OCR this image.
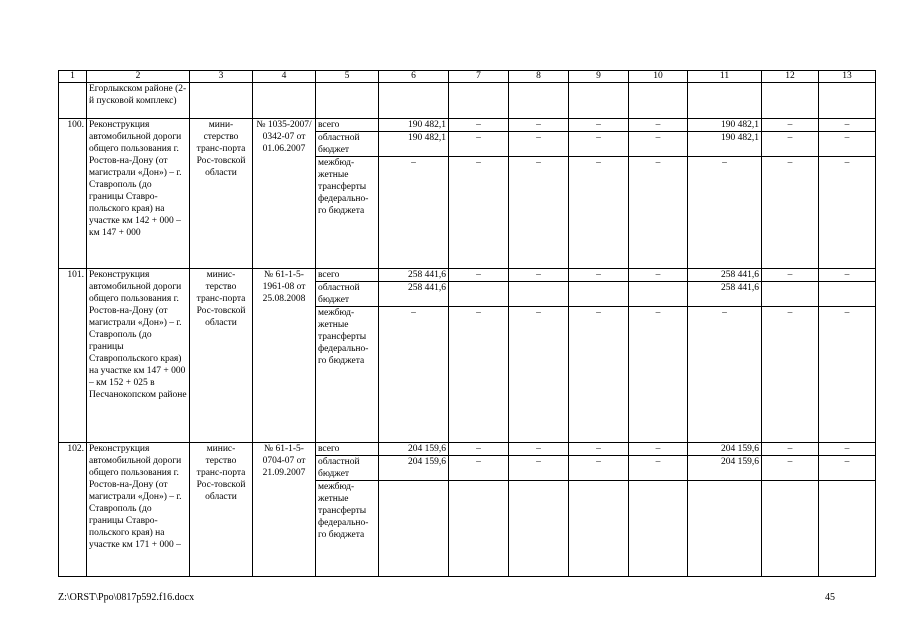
1	2	3	4	5	6	7	8	9	10	11	12	13
	Егорлыкском районе (2-й пусковой комплекс)											
100.	Реконструкция автомобильной дороги общего пользования г. Ростов-на-Дону (от магистрали «Дон») – г. Ставрополь (до границы Ставро-польского края) на участке км 142 + 000 – км 147 + 000	мини-стерство транс-порта Рос-товской области	№ 1035-2007/ 0342-07 от 01.06.2007	всего	190 482,1	–	–	–	–	190 482,1	–	–
				областной бюджет	190 482,1	–	–	–	–	190 482,1	–	–
				межбюд-жетные трансферты федерально-го бюджета	–	–	–	–	–	–	–	–
101.	Реконструкция автомобильной дороги общего пользования г. Ростов-на-Дону (от магистрали «Дон») – г. Ставрополь (до границы Ставропольского края) на участке км 147 + 000 – км 152 + 025 в Песчанокопском районе	минис-терство транс-порта Рос-товской области	№ 61-1-5-1961-08 от 25.08.2008	всего	258 441,6	–	–	–	–	258 441,6	–	–
				областной бюджет	258 441,6					258 441,6		
				межбюд-жетные трансферты федерально-го бюджета	–	–	–	–	–	–	–	–
102.	Реконструкция автомобильной дороги общего пользования г. Ростов-на-Дону (от магистрали «Дон») – г. Ставрополь (до границы Ставро-польского края) на участке км 171 + 000 –	минис-терство транс-порта Рос-товской области	№ 61-1-5-0704-07 от 21.09.2007	всего	204 159,6	–	–	–	–	204 159,6	–	–
				областной бюджет	204 159,6	–	–	–	–	204 159,6	–	–
				межбюд-жетные трансферты федерально-го бюджета								
Z:\ORST\Ppo\0817p592.f16.docx	45
